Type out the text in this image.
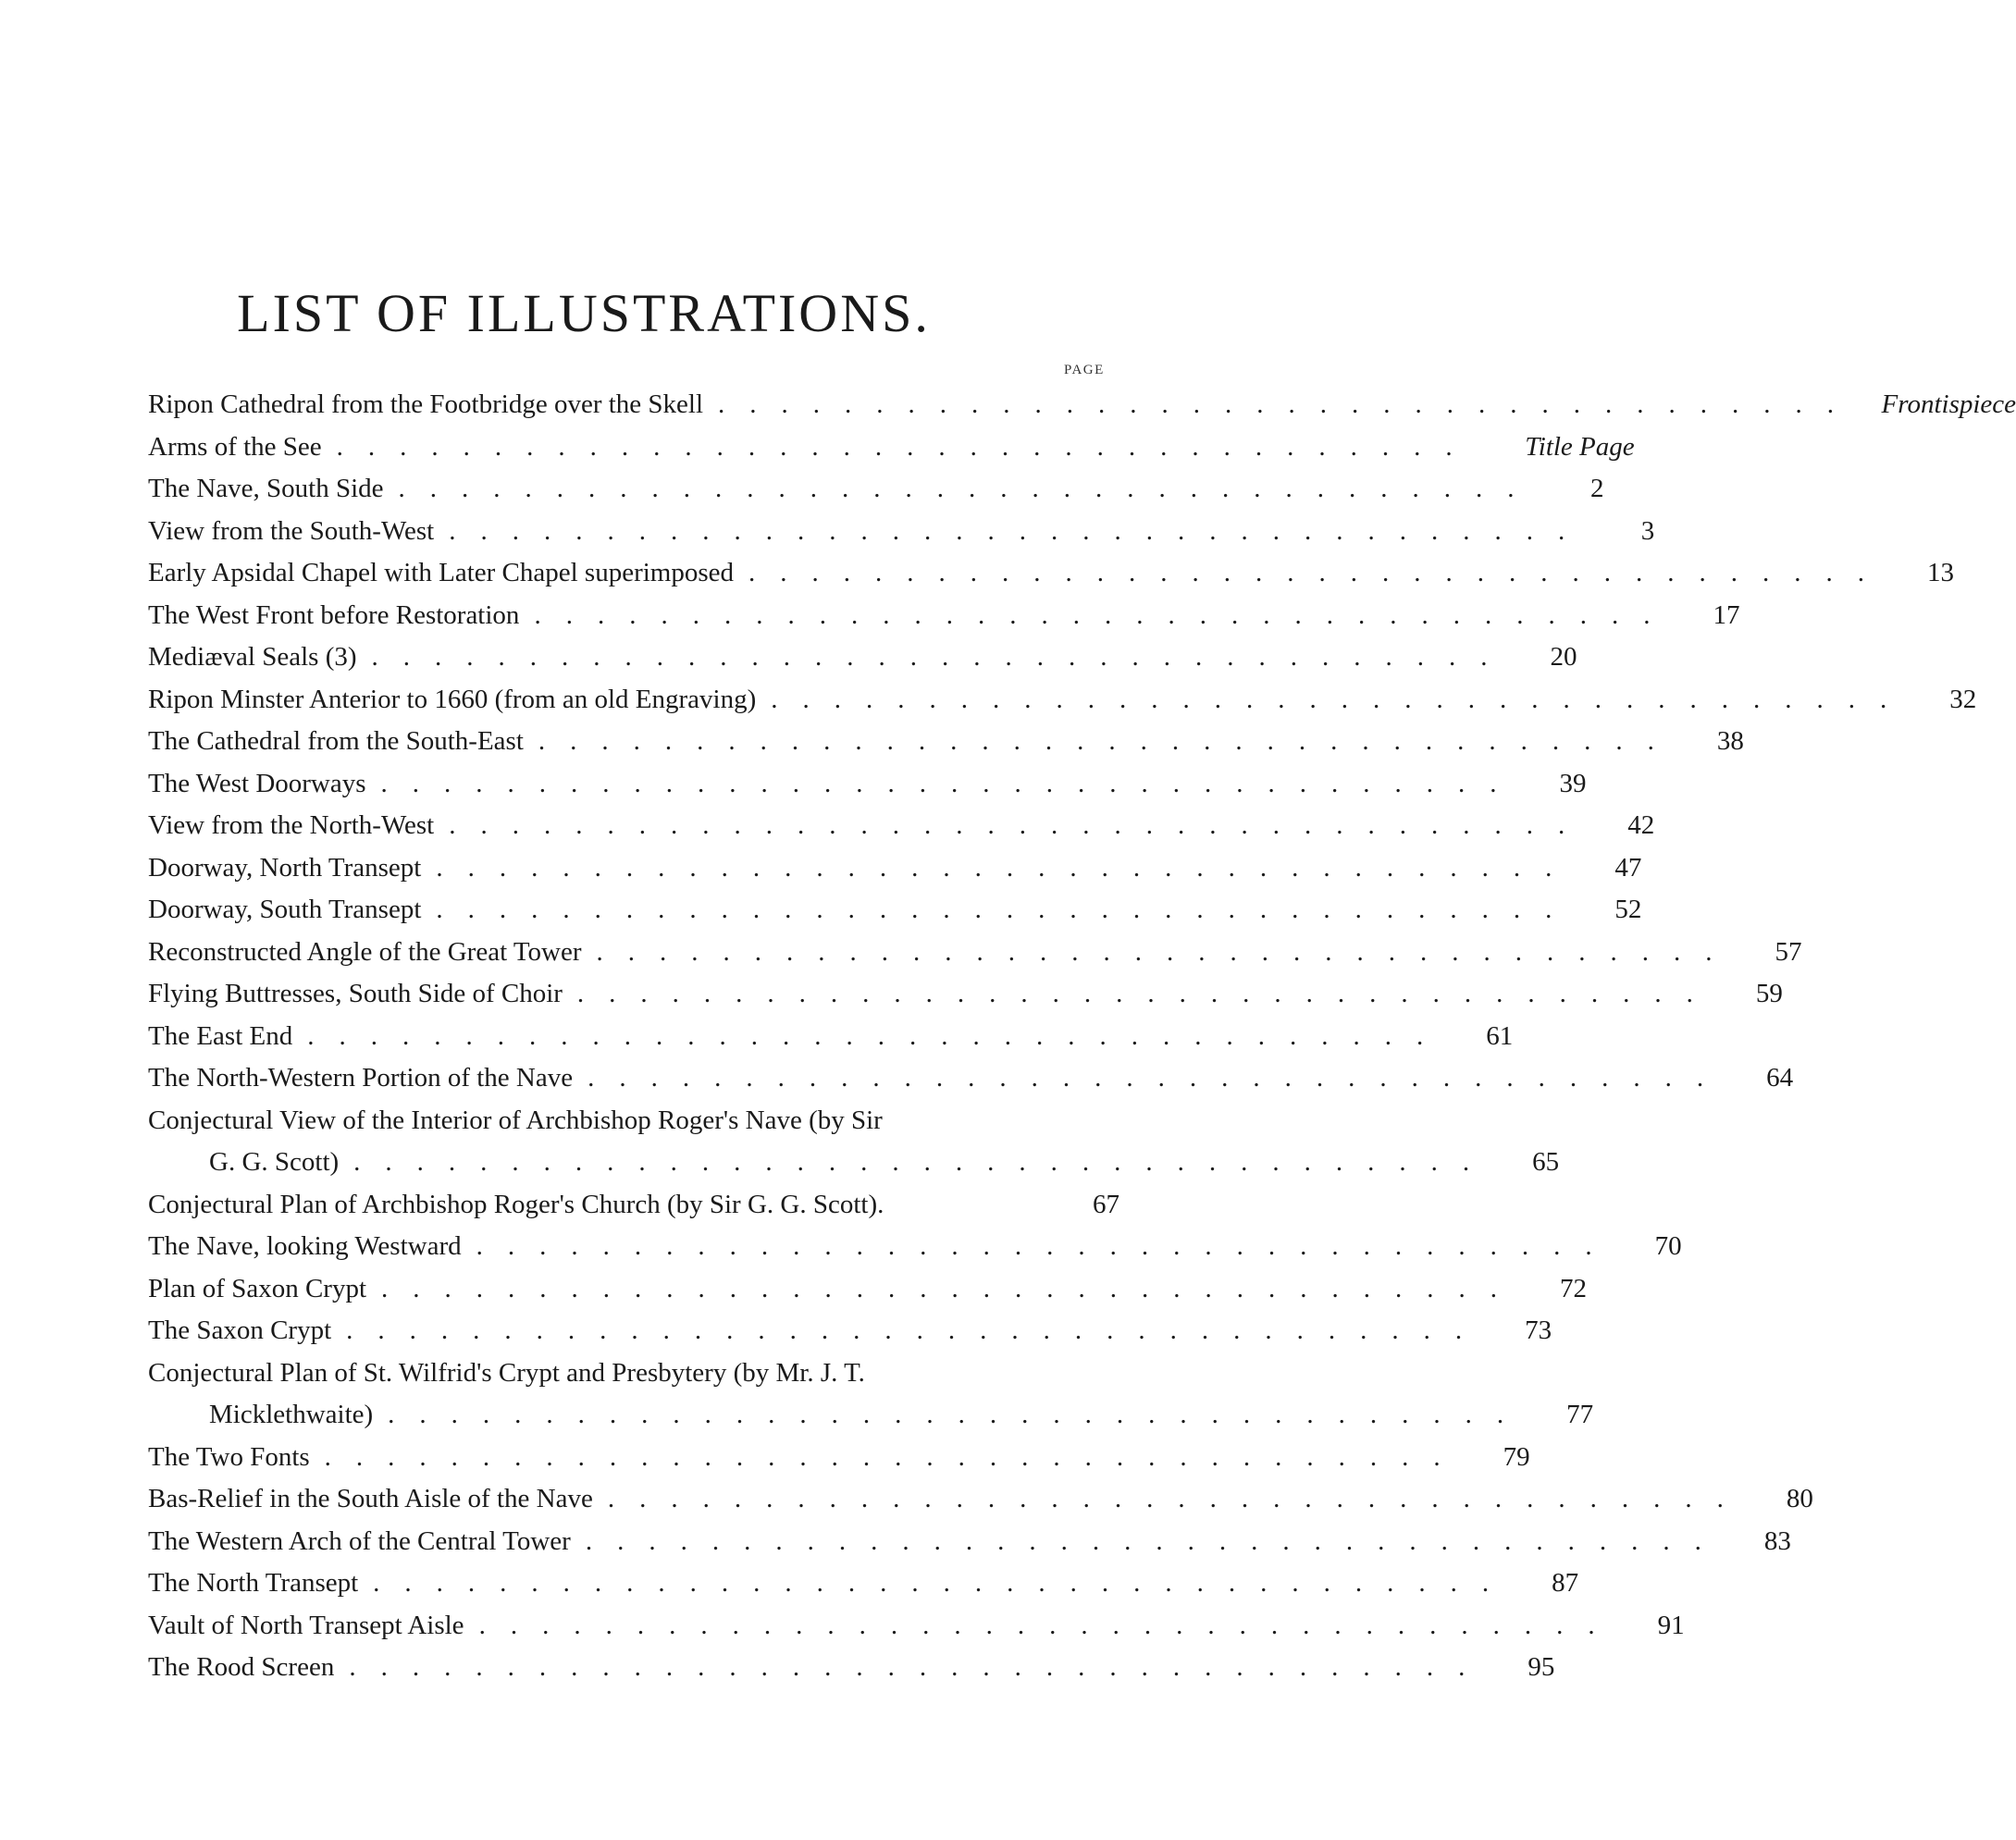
LIST OF ILLUSTRATIONS.
PAGE
Ripon Cathedral from the Footbridge over the Skell .................................... Frontispiece
Arms of the See ....................................	Title Page
The Nave, South Side ....................................	2
View from the South-West ....................................	3
Early Apsidal Chapel with Later Chapel superimposed ....................................	13
The West Front before Restoration ....................................	17
Mediæval Seals (3) ....................................	20
Ripon Minster Anterior to 1660 (from an old Engraving) ....................................	32
The Cathedral from the South-East ....................................	38
The West Doorways ....................................	39
View from the North-West ....................................	42
Doorway, North Transept ....................................	47
Doorway, South Transept ....................................	52
Reconstructed Angle of the Great Tower ....................................	57
Flying Buttresses, South Side of Choir ....................................	59
The East End ....................................	61
The North-Western Portion of the Nave ....................................	64
Conjectural View of the Interior of Archbishop Roger's Nave (by Sir
G. G. Scott) ....................................	65
Conjectural Plan of Archbishop Roger's Church (by Sir G. G. Scott).	67
The Nave, looking Westward ....................................	70
Plan of Saxon Crypt ....................................	72
The Saxon Crypt ....................................	73
Conjectural Plan of St. Wilfrid's Crypt and Presbytery (by Mr. J. T.
Micklethwaite) ....................................	77
The Two Fonts ....................................	79
Bas-Relief in the South Aisle of the Nave ....................................	80
The Western Arch of the Central Tower ....................................	83
The North Transept ....................................	87
Vault of North Transept Aisle ....................................	91
The Rood Screen ....................................	95
